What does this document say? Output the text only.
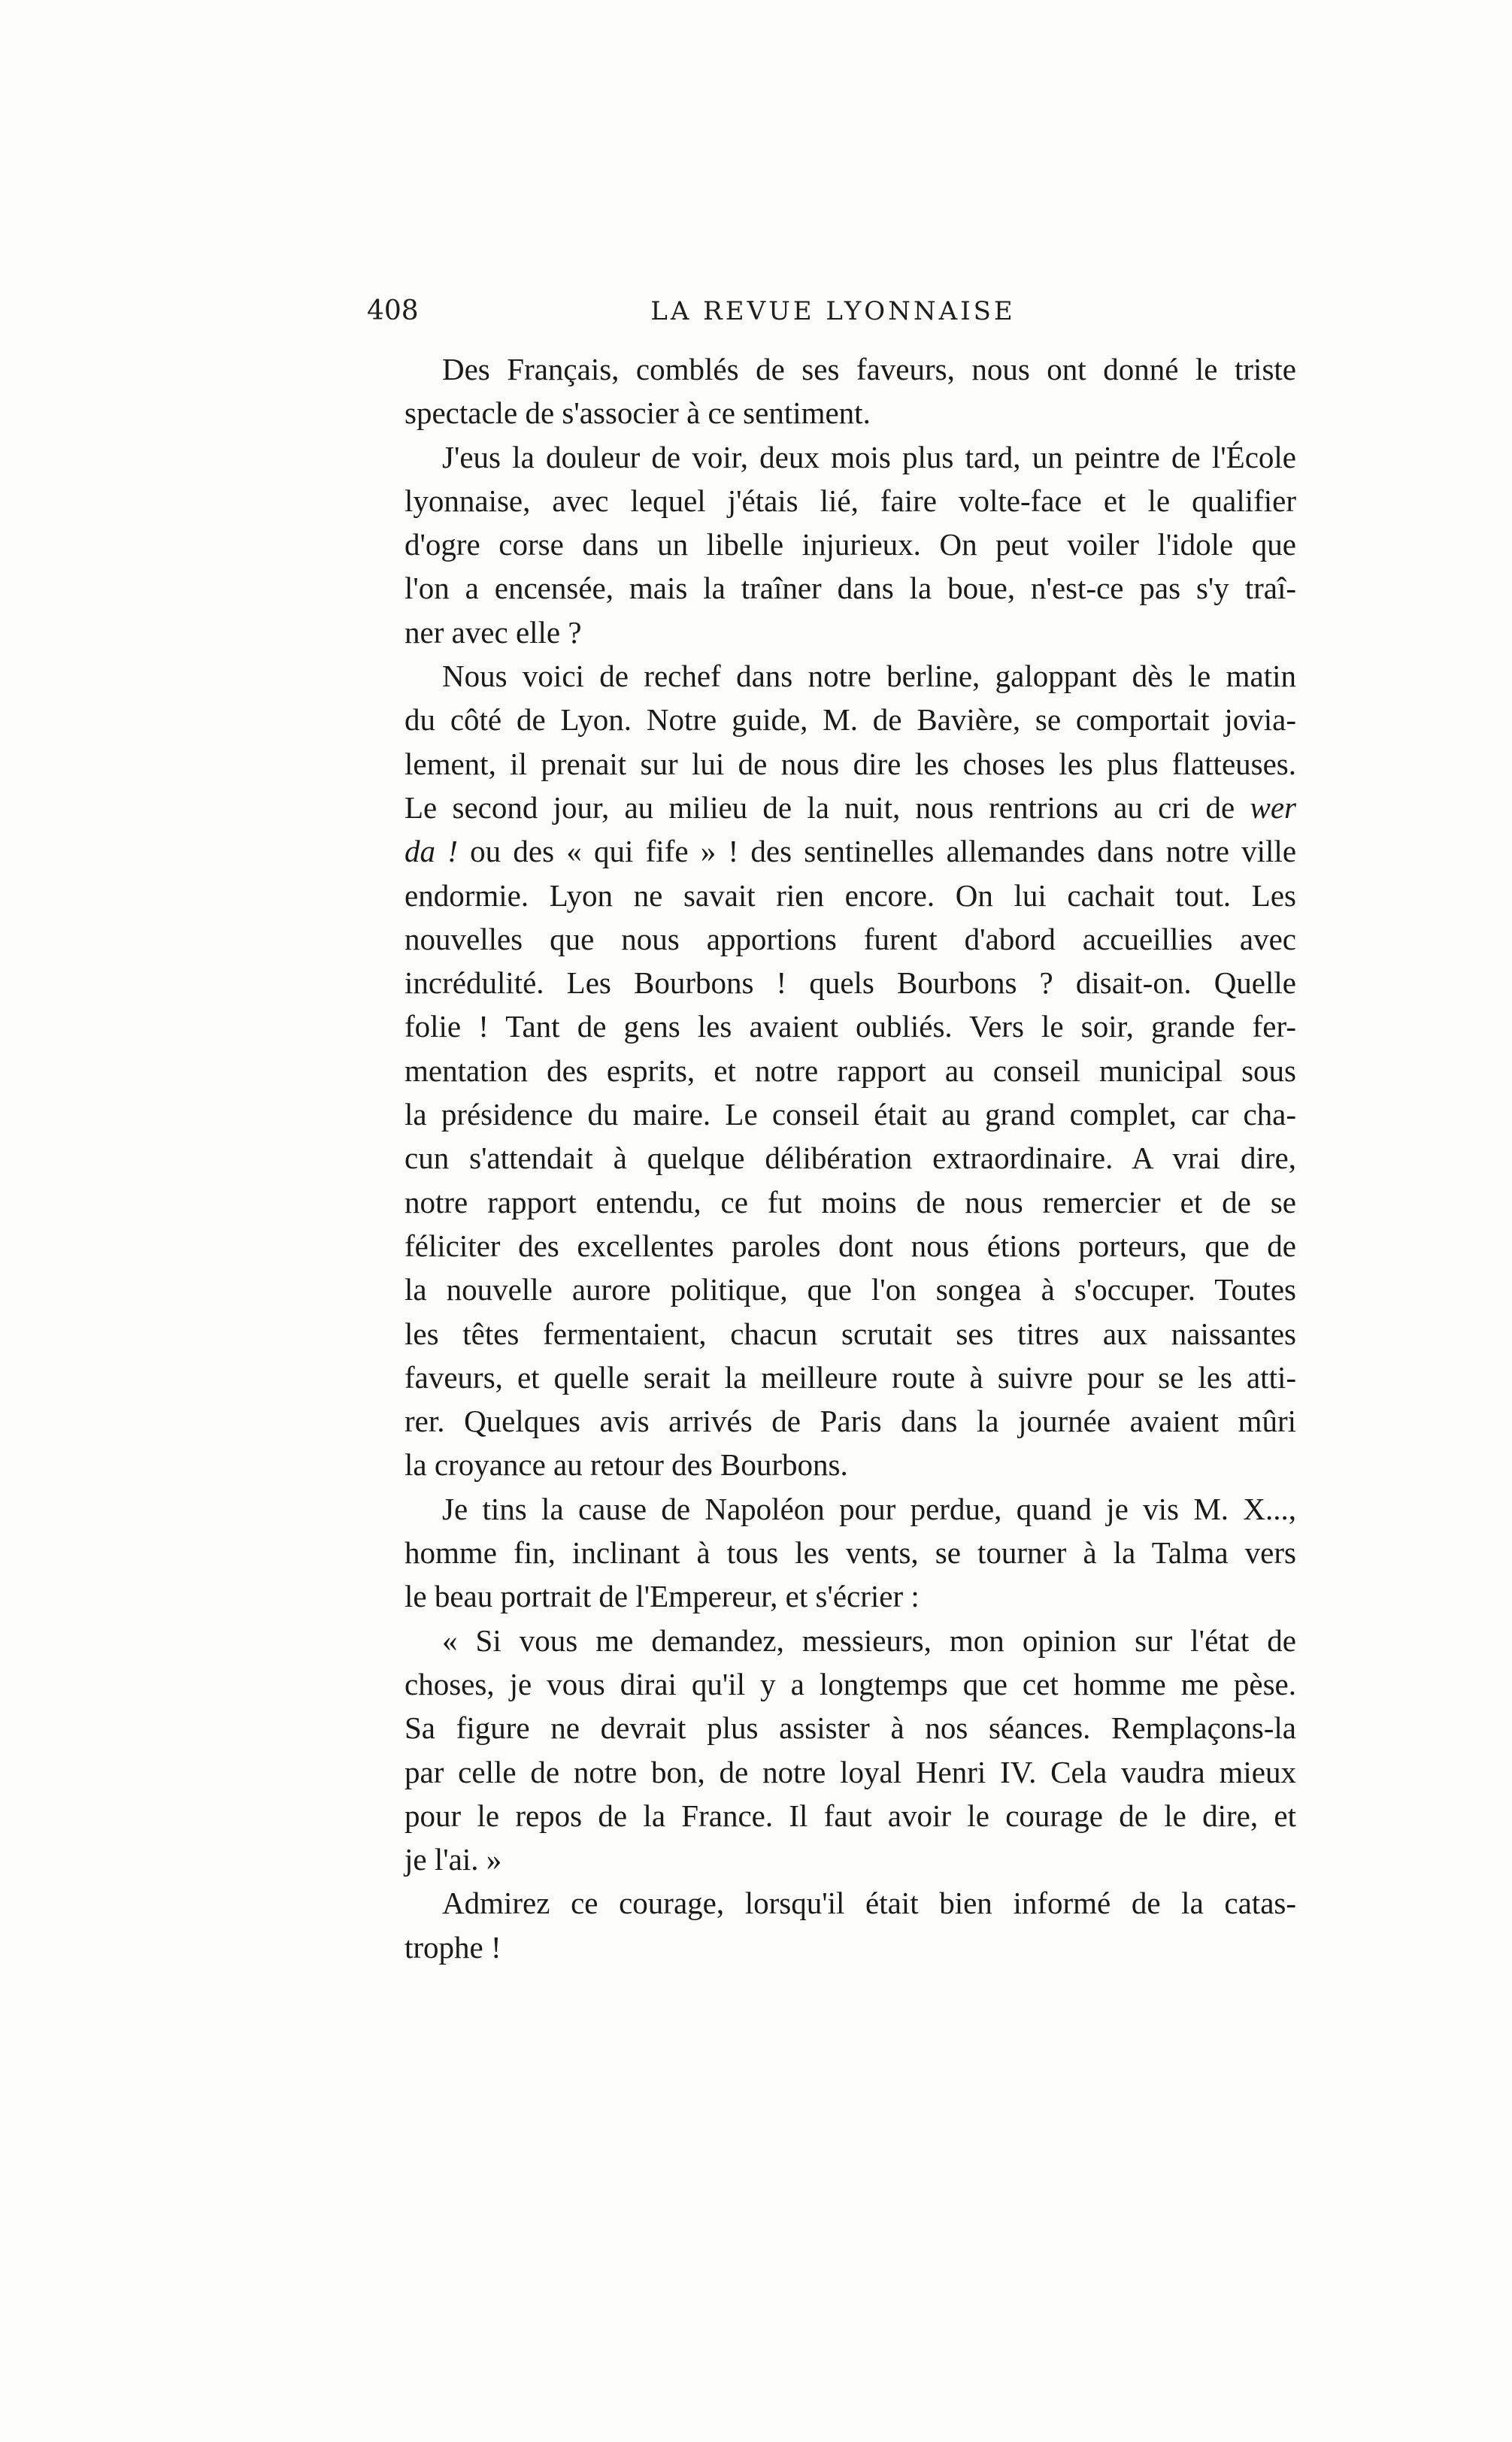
408	LA REVUE LYONNAISE
Des Français, comblés de ses faveurs, nous ont donné le triste
spectacle de s'associer à ce sentiment.
J'eus la douleur de voir, deux mois plus tard, un peintre de l'École
lyonnaise, avec lequel j'étais lié, faire volte-face et le qualifier
d'ogre corse dans un libelle injurieux. On peut voiler l'idole que
l'on a encensée, mais la traîner dans la boue, n'est-ce pas s'y traî-
ner avec elle ?
Nous voici de rechef dans notre berline, galoppant dès le matin
du côté de Lyon. Notre guide, M. de Bavière, se comportait jovia-
lement, il prenait sur lui de nous dire les choses les plus flatteuses.
Le second jour, au milieu de la nuit, nous rentrions au cri de wer
da ! ou des « qui fife » ! des sentinelles allemandes dans notre ville
endormie. Lyon ne savait rien encore. On lui cachait tout. Les
nouvelles que nous apportions furent d'abord accueillies avec
incrédulité. Les Bourbons ! quels Bourbons ? disait-on. Quelle
folie ! Tant de gens les avaient oubliés. Vers le soir, grande fer-
mentation des esprits, et notre rapport au conseil municipal sous
la présidence du maire. Le conseil était au grand complet, car cha-
cun s'attendait à quelque délibération extraordinaire. A vrai dire,
notre rapport entendu, ce fut moins de nous remercier et de se
féliciter des excellentes paroles dont nous étions porteurs, que de
la nouvelle aurore politique, que l'on songea à s'occuper. Toutes
les têtes fermentaient, chacun scrutait ses titres aux naissantes
faveurs, et quelle serait la meilleure route à suivre pour se les atti-
rer. Quelques avis arrivés de Paris dans la journée avaient mûri
la croyance au retour des Bourbons.
Je tins la cause de Napoléon pour perdue, quand je vis M. X...,
homme fin, inclinant à tous les vents, se tourner à la Talma vers
le beau portrait de l'Empereur, et s'écrier :
« Si vous me demandez, messieurs, mon opinion sur l'état de
choses, je vous dirai qu'il y a longtemps que cet homme me pèse.
Sa figure ne devrait plus assister à nos séances. Remplaçons-la
par celle de notre bon, de notre loyal Henri IV. Cela vaudra mieux
pour le repos de la France. Il faut avoir le courage de le dire, et
je l'ai. »
Admirez ce courage, lorsqu'il était bien informé de la catas-
trophe !
